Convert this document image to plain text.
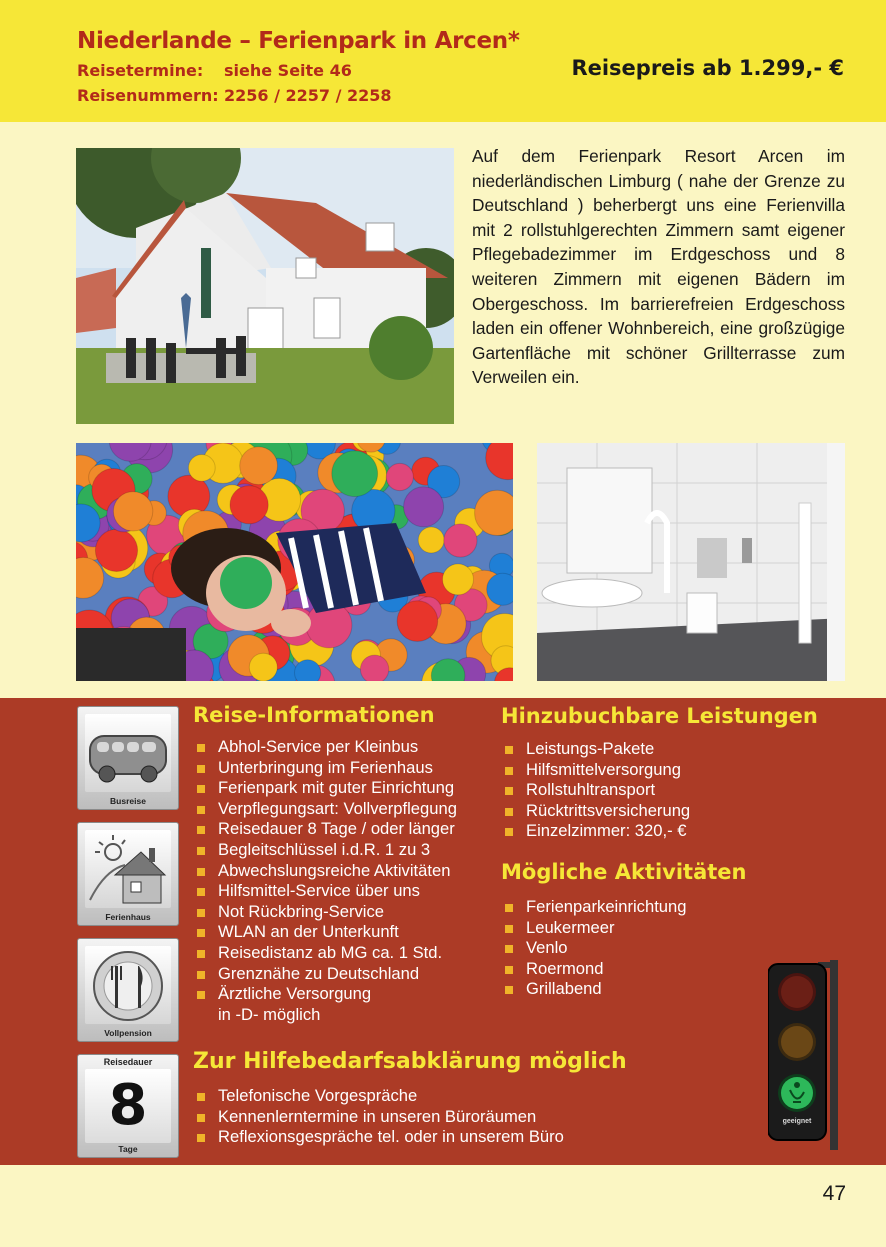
Niederlande – Ferienpark in Arcen*
Reisetermine: siehe Seite 46
Reisenummern: 2256 / 2257 / 2258
Reisepreis ab 1.299,- €

Auf dem Ferienpark Resort Arcen im niederländischen Limburg ( nahe der Grenze zu Deutschland ) beherbergt uns eine Ferienvilla mit 2 rollstuhlgerechten Zimmern samt eigener Pflegebadezimmer im Erdgeschoss und 8 weiteren Zimmern mit eigenen Bädern im Obergeschoss. Im barrierefreien Erdgeschoss laden ein offener Wohnbereich, eine großzügige Gartenfläche mit schöner Grillterrasse zum Verweilen ein.

Busreise
Ferienhaus
Vollpension
Reisedauer
8
Tage
Reise-Informationen
Abhol-Service per Kleinbus
Unterbringung im Ferienhaus
Ferienpark mit guter Einrichtung
Verpflegungsart: Vollverpflegung
Reisedauer 8 Tage / oder länger
Begleitschlüssel i.d.R. 1 zu 3
Abwechslungsreiche Aktivitäten
Hilfsmittel-Service über uns
Not Rückbring-Service
WLAN an der Unterkunft
Reisedistanz ab MG ca. 1 Std.
Grenznähe zu Deutschland
Ärztliche Versorgung
in -D- möglich
Hinzubuchbare Leistungen
Leistungs-Pakete
Hilfsmittelversorgung
Rollstuhltransport
Rücktrittsversicherung
Einzelzimmer: 320,- €
Mögliche Aktivitäten
Ferienparkeinrichtung
Leukermeer
Venlo
Roermond
Grillabend
geeignet
Zur Hilfebedarfsabklärung möglich
Telefonische Vorgespräche
Kennenlerntermine in unseren Büroräumen
Reflexionsgespräche tel. oder in unserem Büro
47
